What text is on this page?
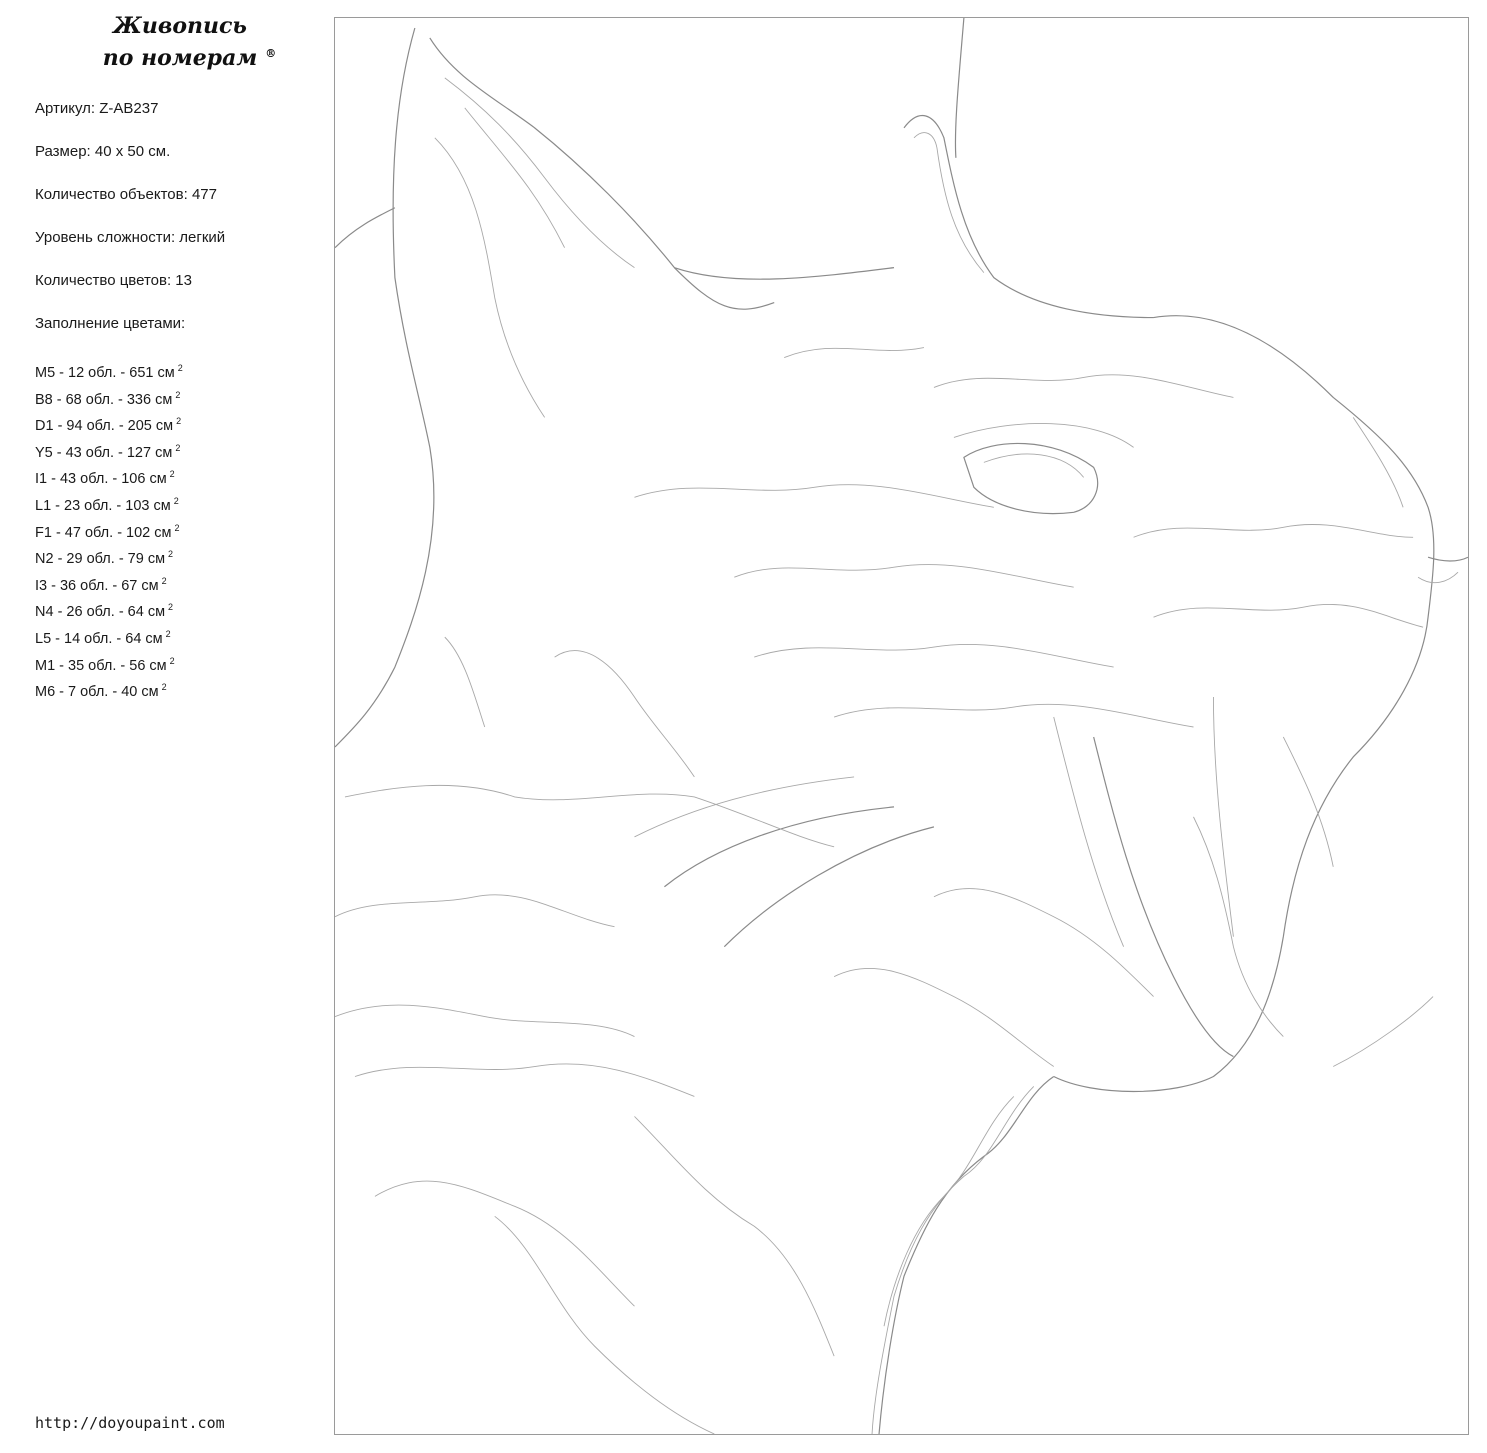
Живопись
по номерам ®
Артикул: Z-AB237
Размер: 40 х 50 см.
Количество объектов: 477
Уровень сложности: легкий
Количество цветов: 13
Заполнение цветами:
M5 - 12 обл. - 651 см $^2$
B8 - 68 обл. - 336 см $^2$
D1 - 94 обл. - 205 см $^2$
Y5 - 43 обл. - 127 см $^2$
I1 - 43 обл. - 106 см $^2$
L1 - 23 обл. - 103 см $^2$
F1 - 47 обл. - 102 см $^2$
N2 - 29 обл. - 79 см $^2$
I3 - 36 обл. - 67 см $^2$
N4 - 26 обл. - 64 см $^2$
L5 - 14 обл. - 64 см $^2$
M1 - 35 обл. - 56 см $^2$
M6 - 7 обл. - 40 см $^2$
http://doyoupaint.com
